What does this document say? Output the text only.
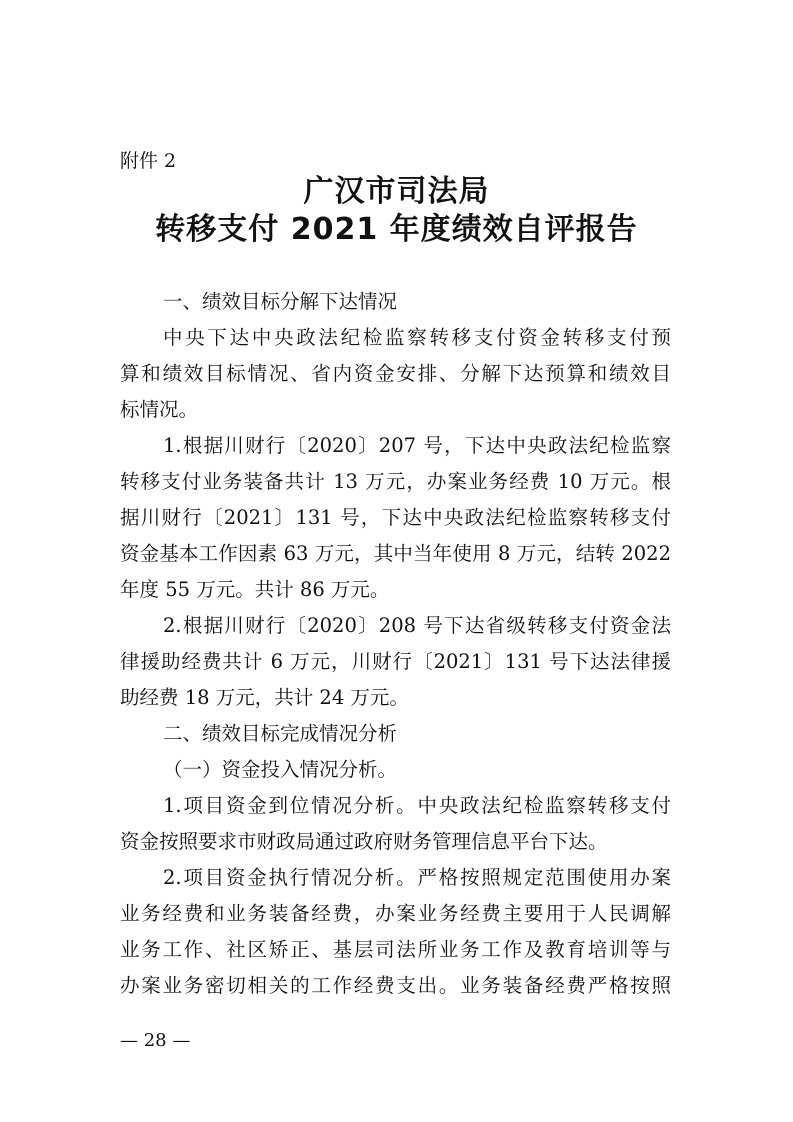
附件 2
广汉市司法局
转移支付 2021 年度绩效自评报告
一、绩效目标分解下达情况
中央下达中央政法纪检监察转移支付资金转移支付预
算和绩效目标情况、省内资金安排、分解下达预算和绩效目
标情况。
1.根据川财行〔2020〕207 号，下达中央政法纪检监察
转移支付业务装备共计 13 万元，办案业务经费 10 万元。根
据川财行〔2021〕131 号，下达中央政法纪检监察转移支付
资金基本工作因素 63 万元，其中当年使用 8 万元，结转 2022
年度 55 万元。共计 86 万元。
2.根据川财行〔2020〕208 号下达省级转移支付资金法
律援助经费共计 6 万元，川财行〔2021〕131 号下达法律援
助经费 18 万元，共计 24 万元。
二、绩效目标完成情况分析
（一）资金投入情况分析。
1.项目资金到位情况分析。中央政法纪检监察转移支付
资金按照要求市财政局通过政府财务管理信息平台下达。
2.项目资金执行情况分析。严格按照规定范围使用办案
业务经费和业务装备经费，办案业务经费主要用于人民调解
业务工作、社区矫正、基层司法所业务工作及教育培训等与
办案业务密切相关的工作经费支出。业务装备经费严格按照
— 28 —
